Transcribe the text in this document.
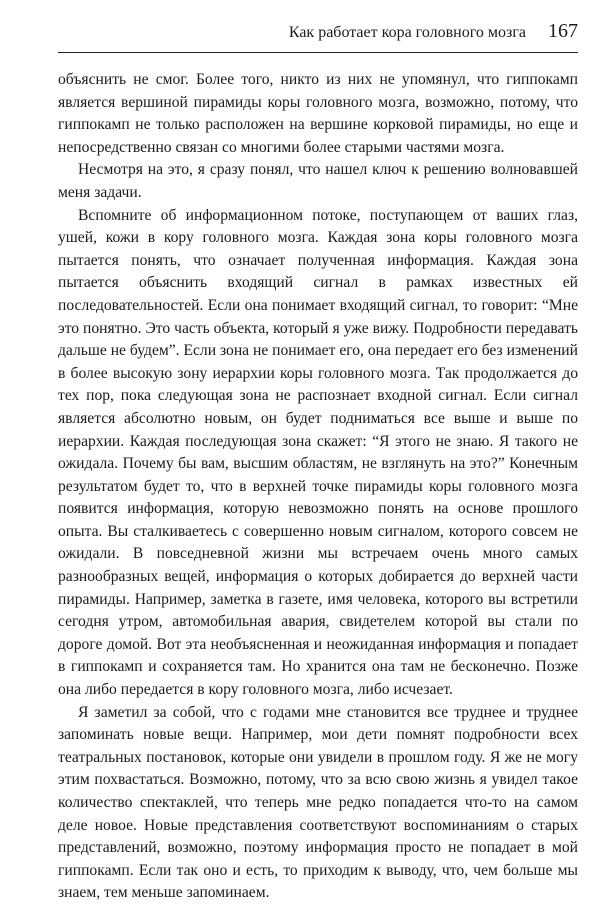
Как работает кора головного мозга 167

объяснить не смог. Более того, никто из них не упомянул, что гиппокамп является вершиной пирамиды коры головного мозга, возможно, потому, что гиппокамп не только расположен на вершине корковой пирамиды, но еще и непосредственно связан со многими более старыми частями мозга.

Несмотря на это, я сразу понял, что нашел ключ к решению волновавшей меня задачи.

Вспомните об информационном потоке, поступающем от ваших глаз, ушей, кожи в кору головного мозга. Каждая зона коры головного мозга пытается понять, что означает полученная информация. Каждая зона пытается объяснить входящий сигнал в рамках известных ей последовательностей. Если она понимает входящий сигнал, то говорит: “Мне это понятно. Это часть объекта, который я уже вижу. Подробности передавать дальше не будем”. Если зона не понимает его, она передает его без изменений в более высокую зону иерархии коры головного мозга. Так продолжается до тех пор, пока следующая зона не распознает входной сигнал. Если сигнал является абсолютно новым, он будет подниматься все выше и выше по иерархии. Каждая последующая зона скажет: “Я этого не знаю. Я такого не ожидала. Почему бы вам, высшим областям, не взглянуть на это?” Конечным результатом будет то, что в верхней точке пирамиды коры головного мозга появится информация, которую невозможно понять на основе прошлого опыта. Вы сталкиваетесь с совершенно новым сигналом, которого совсем не ожидали. В повседневной жизни мы встречаем очень много самых разнообразных вещей, информация о которых добирается до верхней части пирамиды. Например, заметка в газете, имя человека, которого вы встретили сегодня утром, автомобильная авария, свидетелем которой вы стали по дороге домой. Вот эта необъясненная и неожиданная информация и попадает в гиппокамп и сохраняется там. Но хранится она там не бесконечно. Позже она либо передается в кору головного мозга, либо исчезает.

Я заметил за собой, что с годами мне становится все труднее и труднее запоминать новые вещи. Например, мои дети помнят подробности всех театральных постановок, которые они увидели в прошлом году. Я же не могу этим похвастаться. Возможно, потому, что за всю свою жизнь я увидел такое количество спектаклей, что теперь мне редко попадается что-то на самом деле новое. Новые представления соответствуют воспоминаниям о старых представлений, возможно, поэтому информация просто не попадает в мой гиппокамп. Если так оно и есть, то приходим к выводу, что, чем больше мы знаем, тем меньше запоминаем.
